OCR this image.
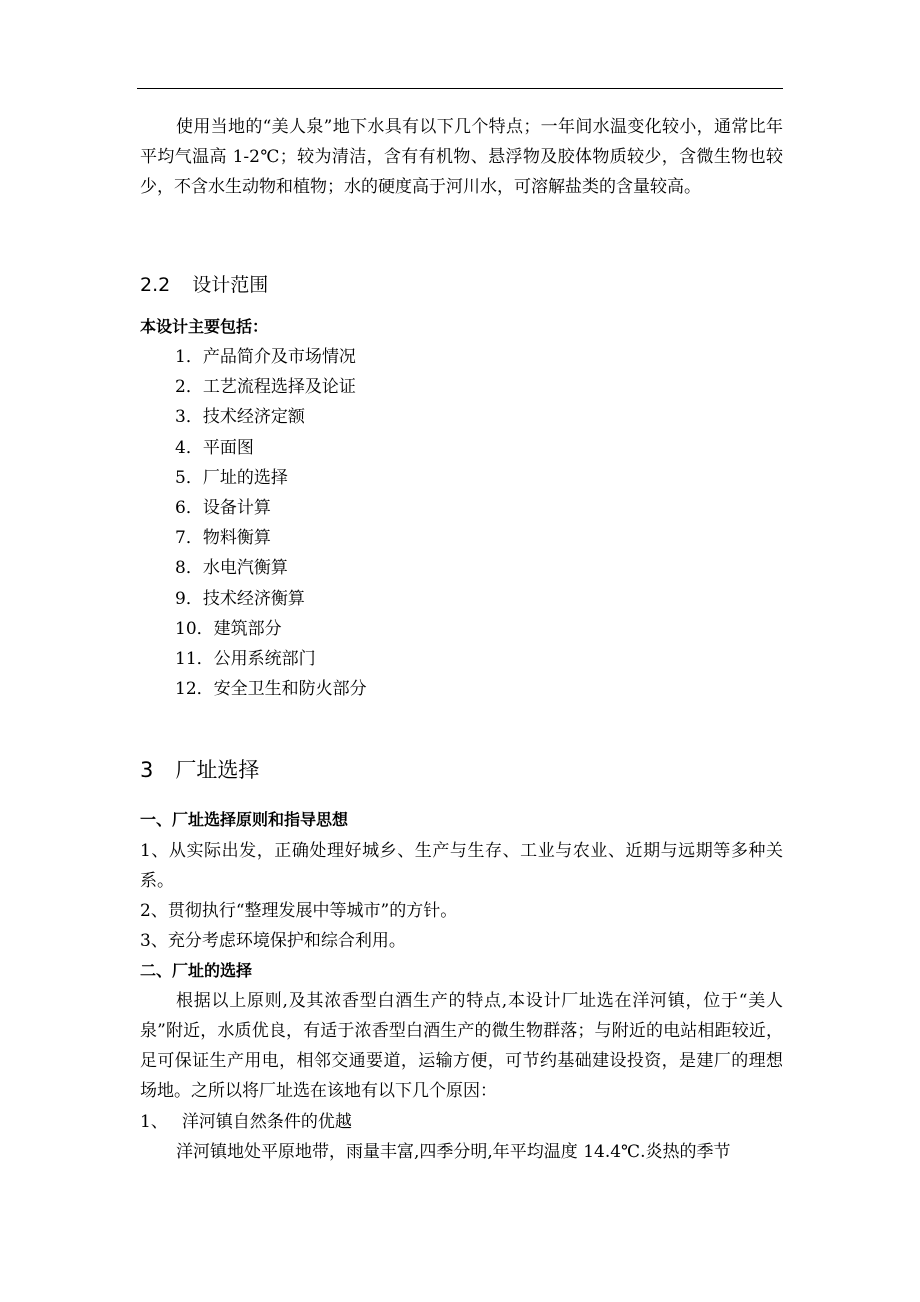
使用当地的“美人泉”地下水具有以下几个特点；一年间水温变化较小，通常比年平均气温高 1-2℃；较为清洁，含有有机物、悬浮物及胶体物质较少，含微生物也较少，不含水生动物和植物；水的硬度高于河川水，可溶解盐类的含量较高。

2.2 设计范围
本设计主要包括：
1．产品简介及市场情况
2．工艺流程选择及论证
3．技术经济定额
4．平面图
5．厂址的选择
6．设备计算
7．物料衡算
8．水电汽衡算
9．技术经济衡算
10．建筑部分
11．公用系统部门
12．安全卫生和防火部分
3 厂址选择
一、厂址选择原则和指导思想

1、从实际出发，正确处理好城乡、生产与生存、工业与农业、近期与远期等多种关系。

2、贯彻执行“整理发展中等城市”的方针。

3、充分考虑环境保护和综合利用。

二、厂址的选择

根据以上原则,及其浓香型白酒生产的特点,本设计厂址选在洋河镇，位于“美人泉”附近，水质优良，有适于浓香型白酒生产的微生物群落；与附近的电站相距较近，足可保证生产用电，相邻交通要道，运输方便，可节约基础建设投资，是建厂的理想场地。之所以将厂址选在该地有以下几个原因：

1、 洋河镇自然条件的优越

洋河镇地处平原地带，雨量丰富,四季分明,年平均温度 14.4℃.炎热的季节
